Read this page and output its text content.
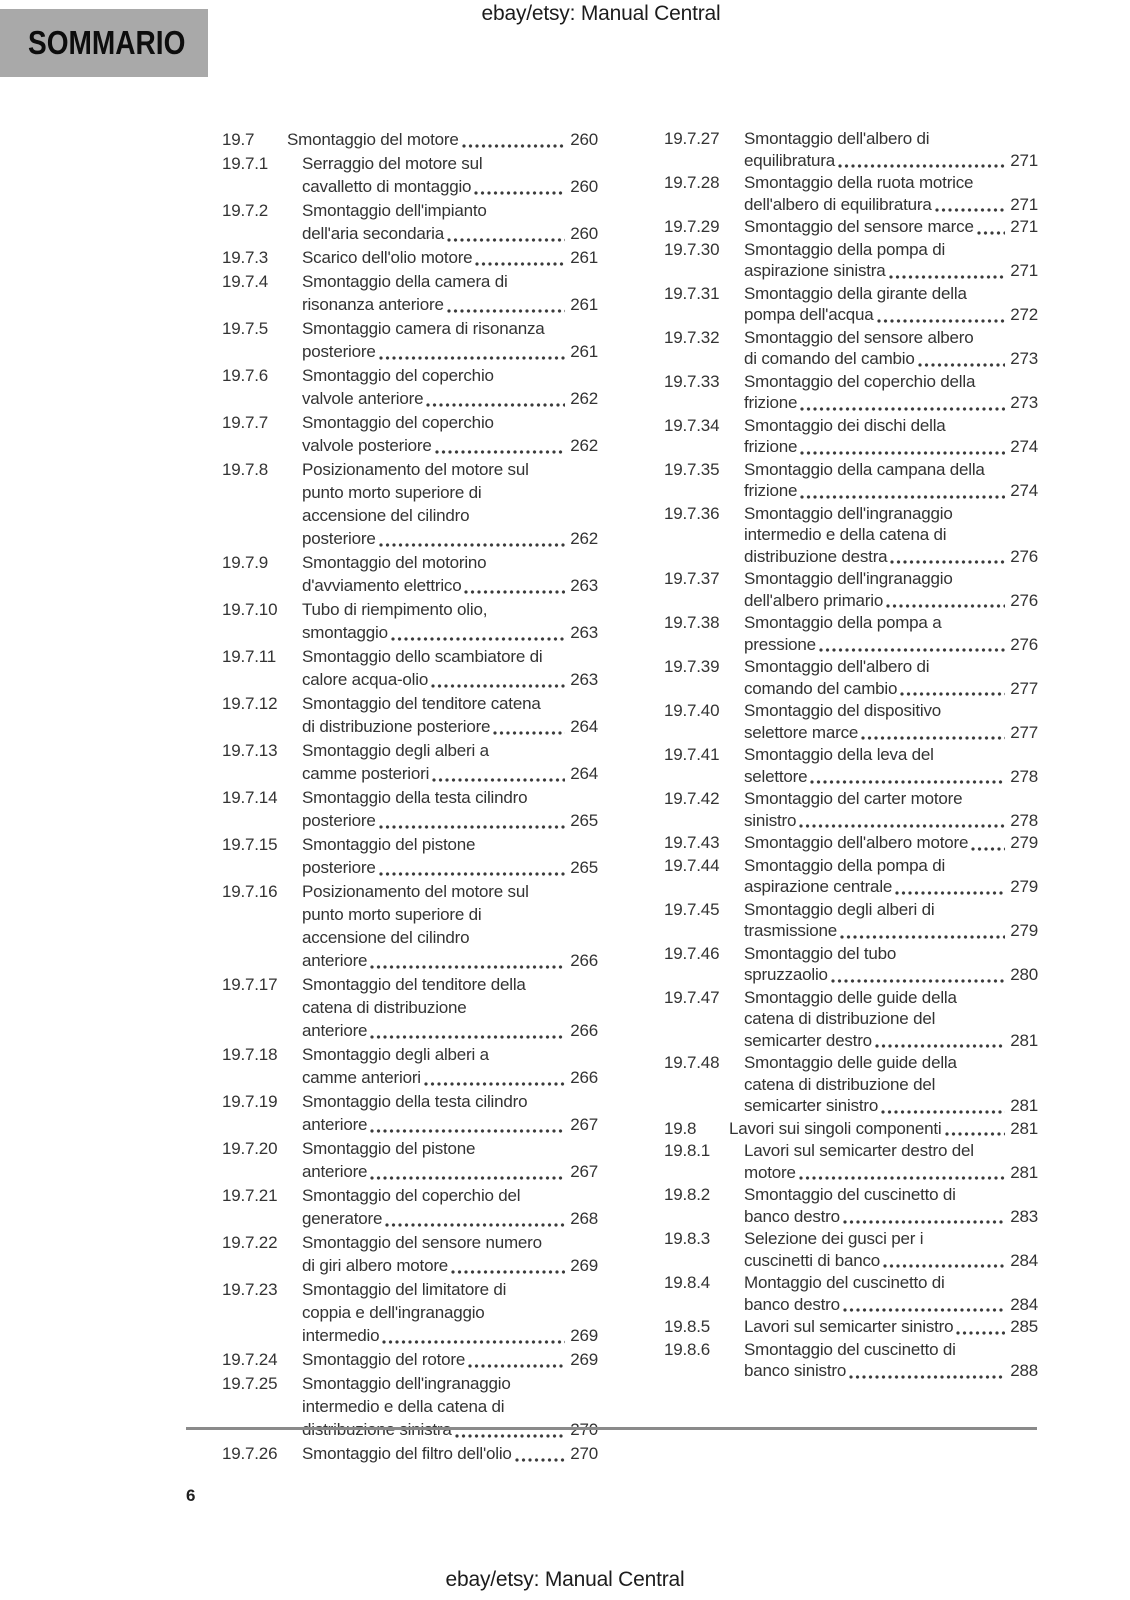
ebay/etsy: Manual Central
SOMMARIO
19.7	Smontaggio del motore	260
19.7.1	Serraggio del motore sul
cavalletto di montaggio	260
19.7.2	Smontaggio dell'impianto
dell'aria secondaria	260
19.7.3	Scarico dell'olio motore	261
19.7.4	Smontaggio della camera di
risonanza anteriore	261
19.7.5	Smontaggio camera di risonanza
posteriore	261
19.7.6	Smontaggio del coperchio
valvole anteriore	262
19.7.7	Smontaggio del coperchio
valvole posteriore	262
19.7.8	Posizionamento del motore sul
punto morto superiore di
accensione del cilindro
posteriore	262
19.7.9	Smontaggio del motorino
d'avviamento elettrico	263
19.7.10	Tubo di riempimento olio,
smontaggio	263
19.7.11	Smontaggio dello scambiatore di
calore acqua-olio	263
19.7.12	Smontaggio del tenditore catena
di distribuzione posteriore	264
19.7.13	Smontaggio degli alberi a
camme posteriori	264
19.7.14	Smontaggio della testa cilindro
posteriore	265
19.7.15	Smontaggio del pistone
posteriore	265
19.7.16	Posizionamento del motore sul
punto morto superiore di
accensione del cilindro
anteriore	266
19.7.17	Smontaggio del tenditore della
catena di distribuzione
anteriore	266
19.7.18	Smontaggio degli alberi a
camme anteriori	266
19.7.19	Smontaggio della testa cilindro
anteriore	267
19.7.20	Smontaggio del pistone
anteriore	267
19.7.21	Smontaggio del coperchio del
generatore	268
19.7.22	Smontaggio del sensore numero
di giri albero motore	269
19.7.23	Smontaggio del limitatore di
coppia e dell'ingranaggio
intermedio	269
19.7.24	Smontaggio del rotore	269
19.7.25	Smontaggio dell'ingranaggio
intermedio e della catena di
distribuzione sinistra	270
19.7.26	Smontaggio del filtro dell'olio	270
19.7.27	Smontaggio dell'albero di
equilibratura	271
19.7.28	Smontaggio della ruota motrice
dell'albero di equilibratura	271
19.7.29	Smontaggio del sensore marce 271
19.7.30	Smontaggio della pompa di
aspirazione sinistra	271
19.7.31	Smontaggio della girante della
pompa dell'acqua	272
19.7.32	Smontaggio del sensore albero
di comando del cambio	273
19.7.33	Smontaggio del coperchio della
frizione	273
19.7.34	Smontaggio dei dischi della
frizione	274
19.7.35	Smontaggio della campana della
frizione	274
19.7.36	Smontaggio dell'ingranaggio
intermedio e della catena di
distribuzione destra	276
19.7.37	Smontaggio dell'ingranaggio
dell'albero primario	276
19.7.38	Smontaggio della pompa a
pressione	276
19.7.39	Smontaggio dell'albero di
comando del cambio	277
19.7.40	Smontaggio del dispositivo
selettore marce	277
19.7.41	Smontaggio della leva del
selettore	278
19.7.42	Smontaggio del carter motore
sinistro	278
19.7.43	Smontaggio dell'albero motore 279
19.7.44	Smontaggio della pompa di
aspirazione centrale	279
19.7.45	Smontaggio degli alberi di
trasmissione	279
19.7.46	Smontaggio del tubo
spruzzaolio	280
19.7.47	Smontaggio delle guide della
catena di distribuzione del
semicarter destro	281
19.7.48	Smontaggio delle guide della
catena di distribuzione del
semicarter sinistro	281
19.8	Lavori sui singoli componenti	281
19.8.1	Lavori sul semicarter destro del
motore	281
19.8.2	Smontaggio del cuscinetto di
banco destro	283
19.8.3	Selezione dei gusci per i
cuscinetti di banco	284
19.8.4	Montaggio del cuscinetto di
banco destro	284
19.8.5	Lavori sul semicarter sinistro	285
19.8.6	Smontaggio del cuscinetto di
banco sinistro	288
6
ebay/etsy: Manual Central
